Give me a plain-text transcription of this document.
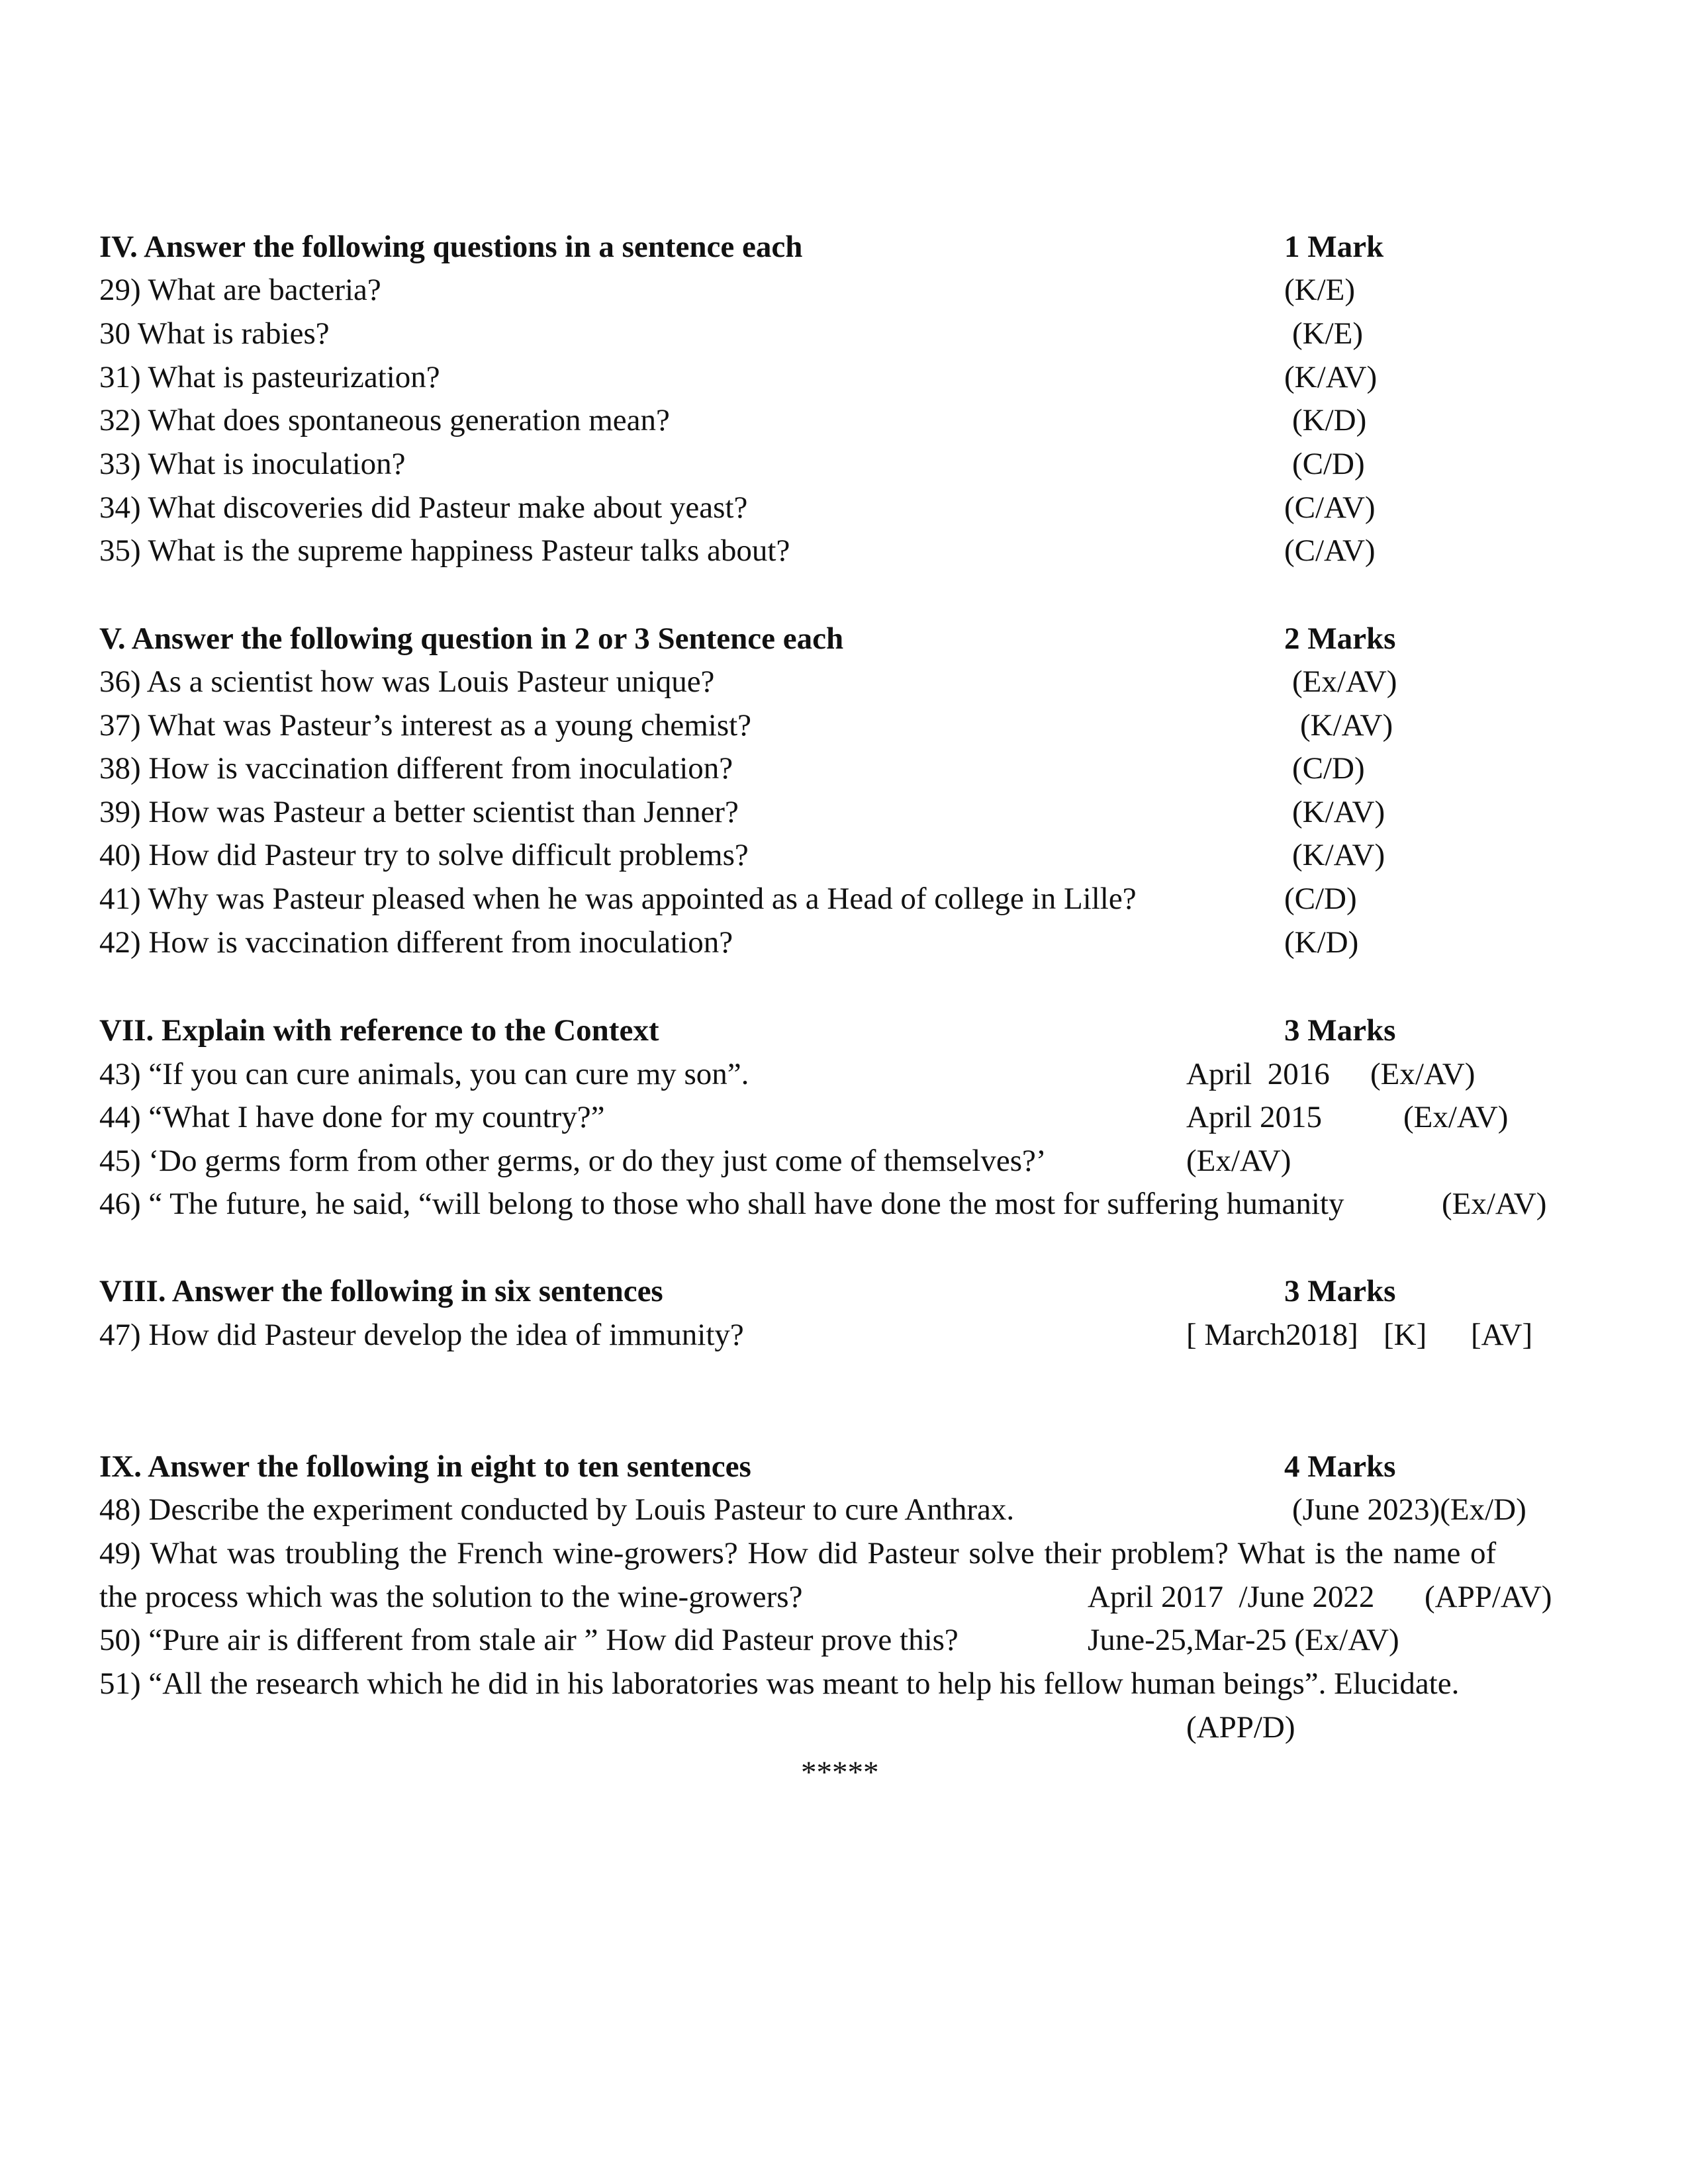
IV. Answer the following questions in a sentence each	1 Mark
29) What are bacteria?	(K/E)
30 What is rabies?	(K/E)
31) What is pasteurization?	(K/AV)
32) What does spontaneous generation mean?	(K/D)
33) What is inoculation?	(C/D)
34) What discoveries did Pasteur make about yeast?	(C/AV)
35) What is the supreme happiness Pasteur talks about?	(C/AV)
V. Answer the following question in 2 or 3 Sentence each	2 Marks
36) As a scientist how was Louis Pasteur unique?	(Ex/AV)
37) What was Pasteur’s interest as a young chemist?	(K/AV)
38) How is vaccination different from inoculation?	(C/D)
39) How was Pasteur a better scientist than Jenner?	(K/AV)
40) How did Pasteur try to solve difficult problems?	(K/AV)
41) Why was Pasteur pleased when he was appointed as a Head of college in Lille?	(C/D)
42) How is vaccination different from inoculation?	(K/D)
VII. Explain with reference to the Context	3 Marks
43) “If you can cure animals, you can cure my son”.	April  2016 (Ex/AV)
44) “What I have done for my country?”	April 2015	(Ex/AV)
45) ‘Do germs form from other germs, or do they just come of themselves?’	(Ex/AV)
46) “ The future, he said, “will belong to those who shall have done the most for suffering humanity	(Ex/AV)
VIII. Answer the following in six sentences	3 Marks
47) How did Pasteur develop the idea of immunity?	[ March2018] [K] [AV]
IX. Answer the following in eight to ten sentences	4 Marks
48) Describe the experiment conducted by Louis Pasteur to cure Anthrax.	(June 2023)(Ex/D)
49) What was troubling the French wine-growers? How did Pasteur solve their problem? What is the name of
the process which was the solution to the wine-growers?	April 2017  /June 2022 (APP/AV)
50) “Pure air is different from stale air ” How did Pasteur prove this?	June-25,Mar-25 (Ex/AV)
51) “All the research which he did in his laboratories was meant to help his fellow human beings”. Elucidate.
(APP/D)
*****
